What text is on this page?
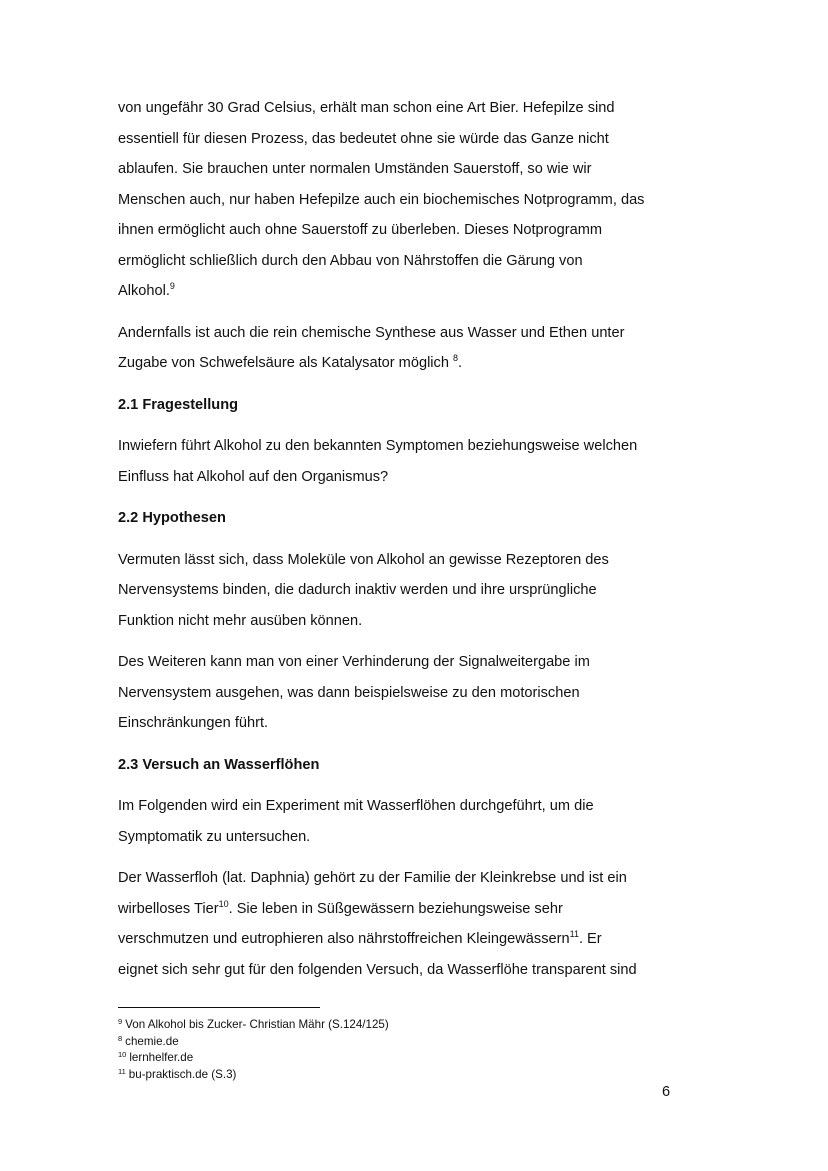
von ungefähr 30 Grad Celsius, erhält man schon eine Art Bier. Hefepilze sind
essentiell für diesen Prozess, das bedeutet ohne sie würde das Ganze nicht
ablaufen. Sie brauchen unter normalen Umständen Sauerstoff, so wie wir
Menschen auch, nur haben Hefepilze auch ein biochemisches Notprogramm, das
ihnen ermöglicht auch ohne Sauerstoff zu überleben. Dieses Notprogramm
ermöglicht schließlich durch den Abbau von Nährstoffen die Gärung von
Alkohol.$^9$

Andernfalls ist auch die rein chemische Synthese aus Wasser und Ethen unter
Zugabe von Schwefelsäure als Katalysator möglich $^8$.

2.1 Fragestellung

Inwiefern führt Alkohol zu den bekannten Symptomen beziehungsweise welchen
Einfluss hat Alkohol auf den Organismus?

2.2 Hypothesen

Vermuten lässt sich, dass Moleküle von Alkohol an gewisse Rezeptoren des
Nervensystems binden, die dadurch inaktiv werden und ihre ursprüngliche
Funktion nicht mehr ausüben können.

Des Weiteren kann man von einer Verhinderung der Signalweitergabe im
Nervensystem ausgehen, was dann beispielsweise zu den motorischen
Einschränkungen führt.

2.3 Versuch an Wasserflöhen

Im Folgenden wird ein Experiment mit Wasserflöhen durchgeführt, um die
Symptomatik zu untersuchen.

Der Wasserfloh (lat. Daphnia) gehört zu der Familie der Kleinkrebse und ist ein
wirbelloses Tier$^{10}$. Sie leben in Süßgewässern beziehungsweise sehr
verschmutzen und eutrophieren also nährstoffreichen Kleingewässern$^{11}$. Er
eignet sich sehr gut für den folgenden Versuch, da Wasserflöhe transparent sind

$^9$ Von Alkohol bis Zucker- Christian Mähr (S.124/125)
$^8$ chemie.de
$^{10}$ lernhelfer.de
$^{11}$ bu-praktisch.de (S.3)
6
